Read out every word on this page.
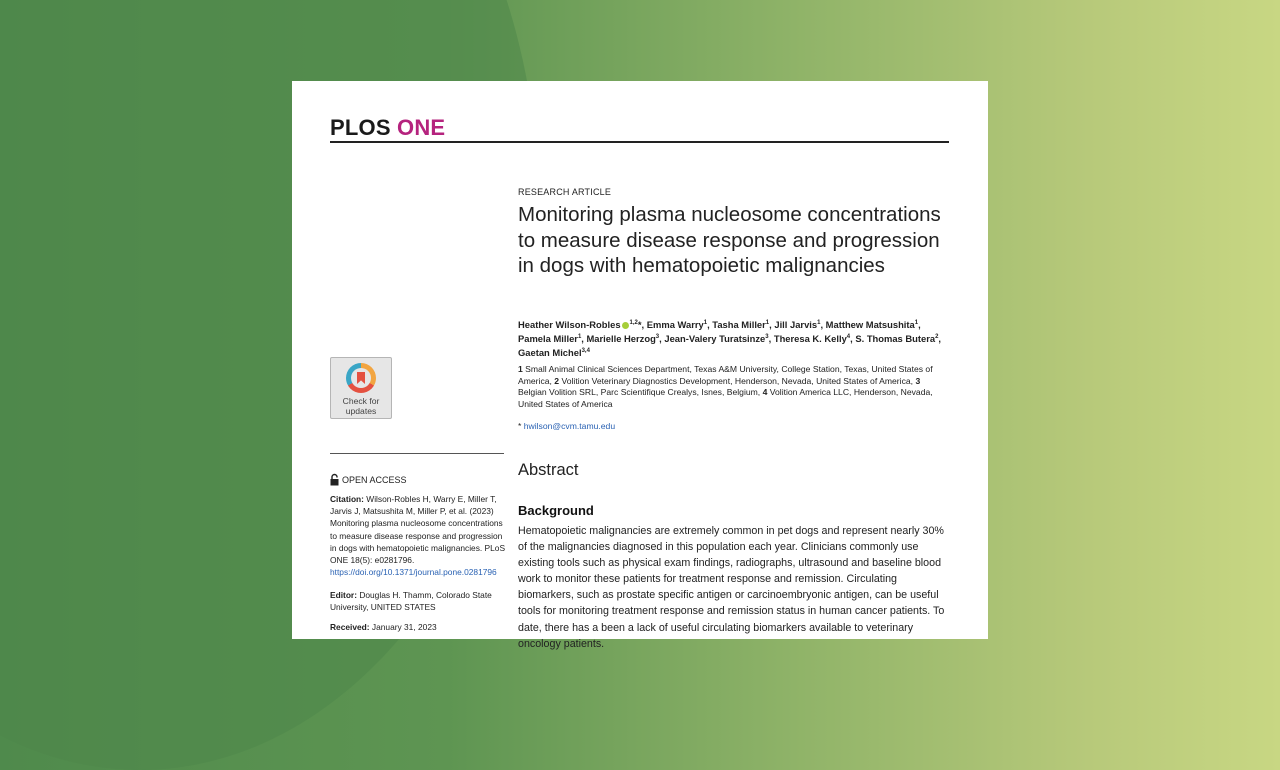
PLOS ONE
RESEARCH ARTICLE
Monitoring plasma nucleosome concentrations to measure disease response and progression in dogs with hematopoietic malignancies
Heather Wilson-Robles $^{1,2}$*, Emma Warry$^1$, Tasha Miller$^1$, Jill Jarvis$^1$, Matthew Matsushita$^1$, Pamela Miller$^1$, Marielle Herzog$^3$, Jean-Valery Turatsinze$^3$, Theresa K. Kelly$^4$, S. Thomas Butera$^2$, Gaetan Michel$^{3,4}$
1 Small Animal Clinical Sciences Department, Texas A&M University, College Station, Texas, United States of America, 2 Volition Veterinary Diagnostics Development, Henderson, Nevada, United States of America, 3 Belgian Volition SRL, Parc Scientifique Crealys, Isnes, Belgium, 4 Volition America LLC, Henderson, Nevada, United States of America
* hwilson@cvm.tamu.edu
Abstract
Background
Hematopoietic malignancies are extremely common in pet dogs and represent nearly 30% of the malignancies diagnosed in this population each year. Clinicians commonly use existing tools such as physical exam findings, radiographs, ultrasound and baseline blood work to monitor these patients for treatment response and remission. Circulating biomarkers, such as prostate specific antigen or carcinoembryonic antigen, can be useful tools for monitoring treatment response and remission status in human cancer patients. To date, there has a been a lack of useful circulating biomarkers available to veterinary oncology patients.
Check for updates
OPEN ACCESS
Citation: Wilson-Robles H, Warry E, Miller T, Jarvis J, Matsushita M, Miller P, et al. (2023) Monitoring plasma nucleosome concentrations to measure disease response and progression in dogs with hematopoietic malignancies. PLoS ONE 18(5): e0281796. https://doi.org/10.1371/journal.pone.0281796
Editor: Douglas H. Thamm, Colorado State University, UNITED STATES
Received: January 31, 2023
